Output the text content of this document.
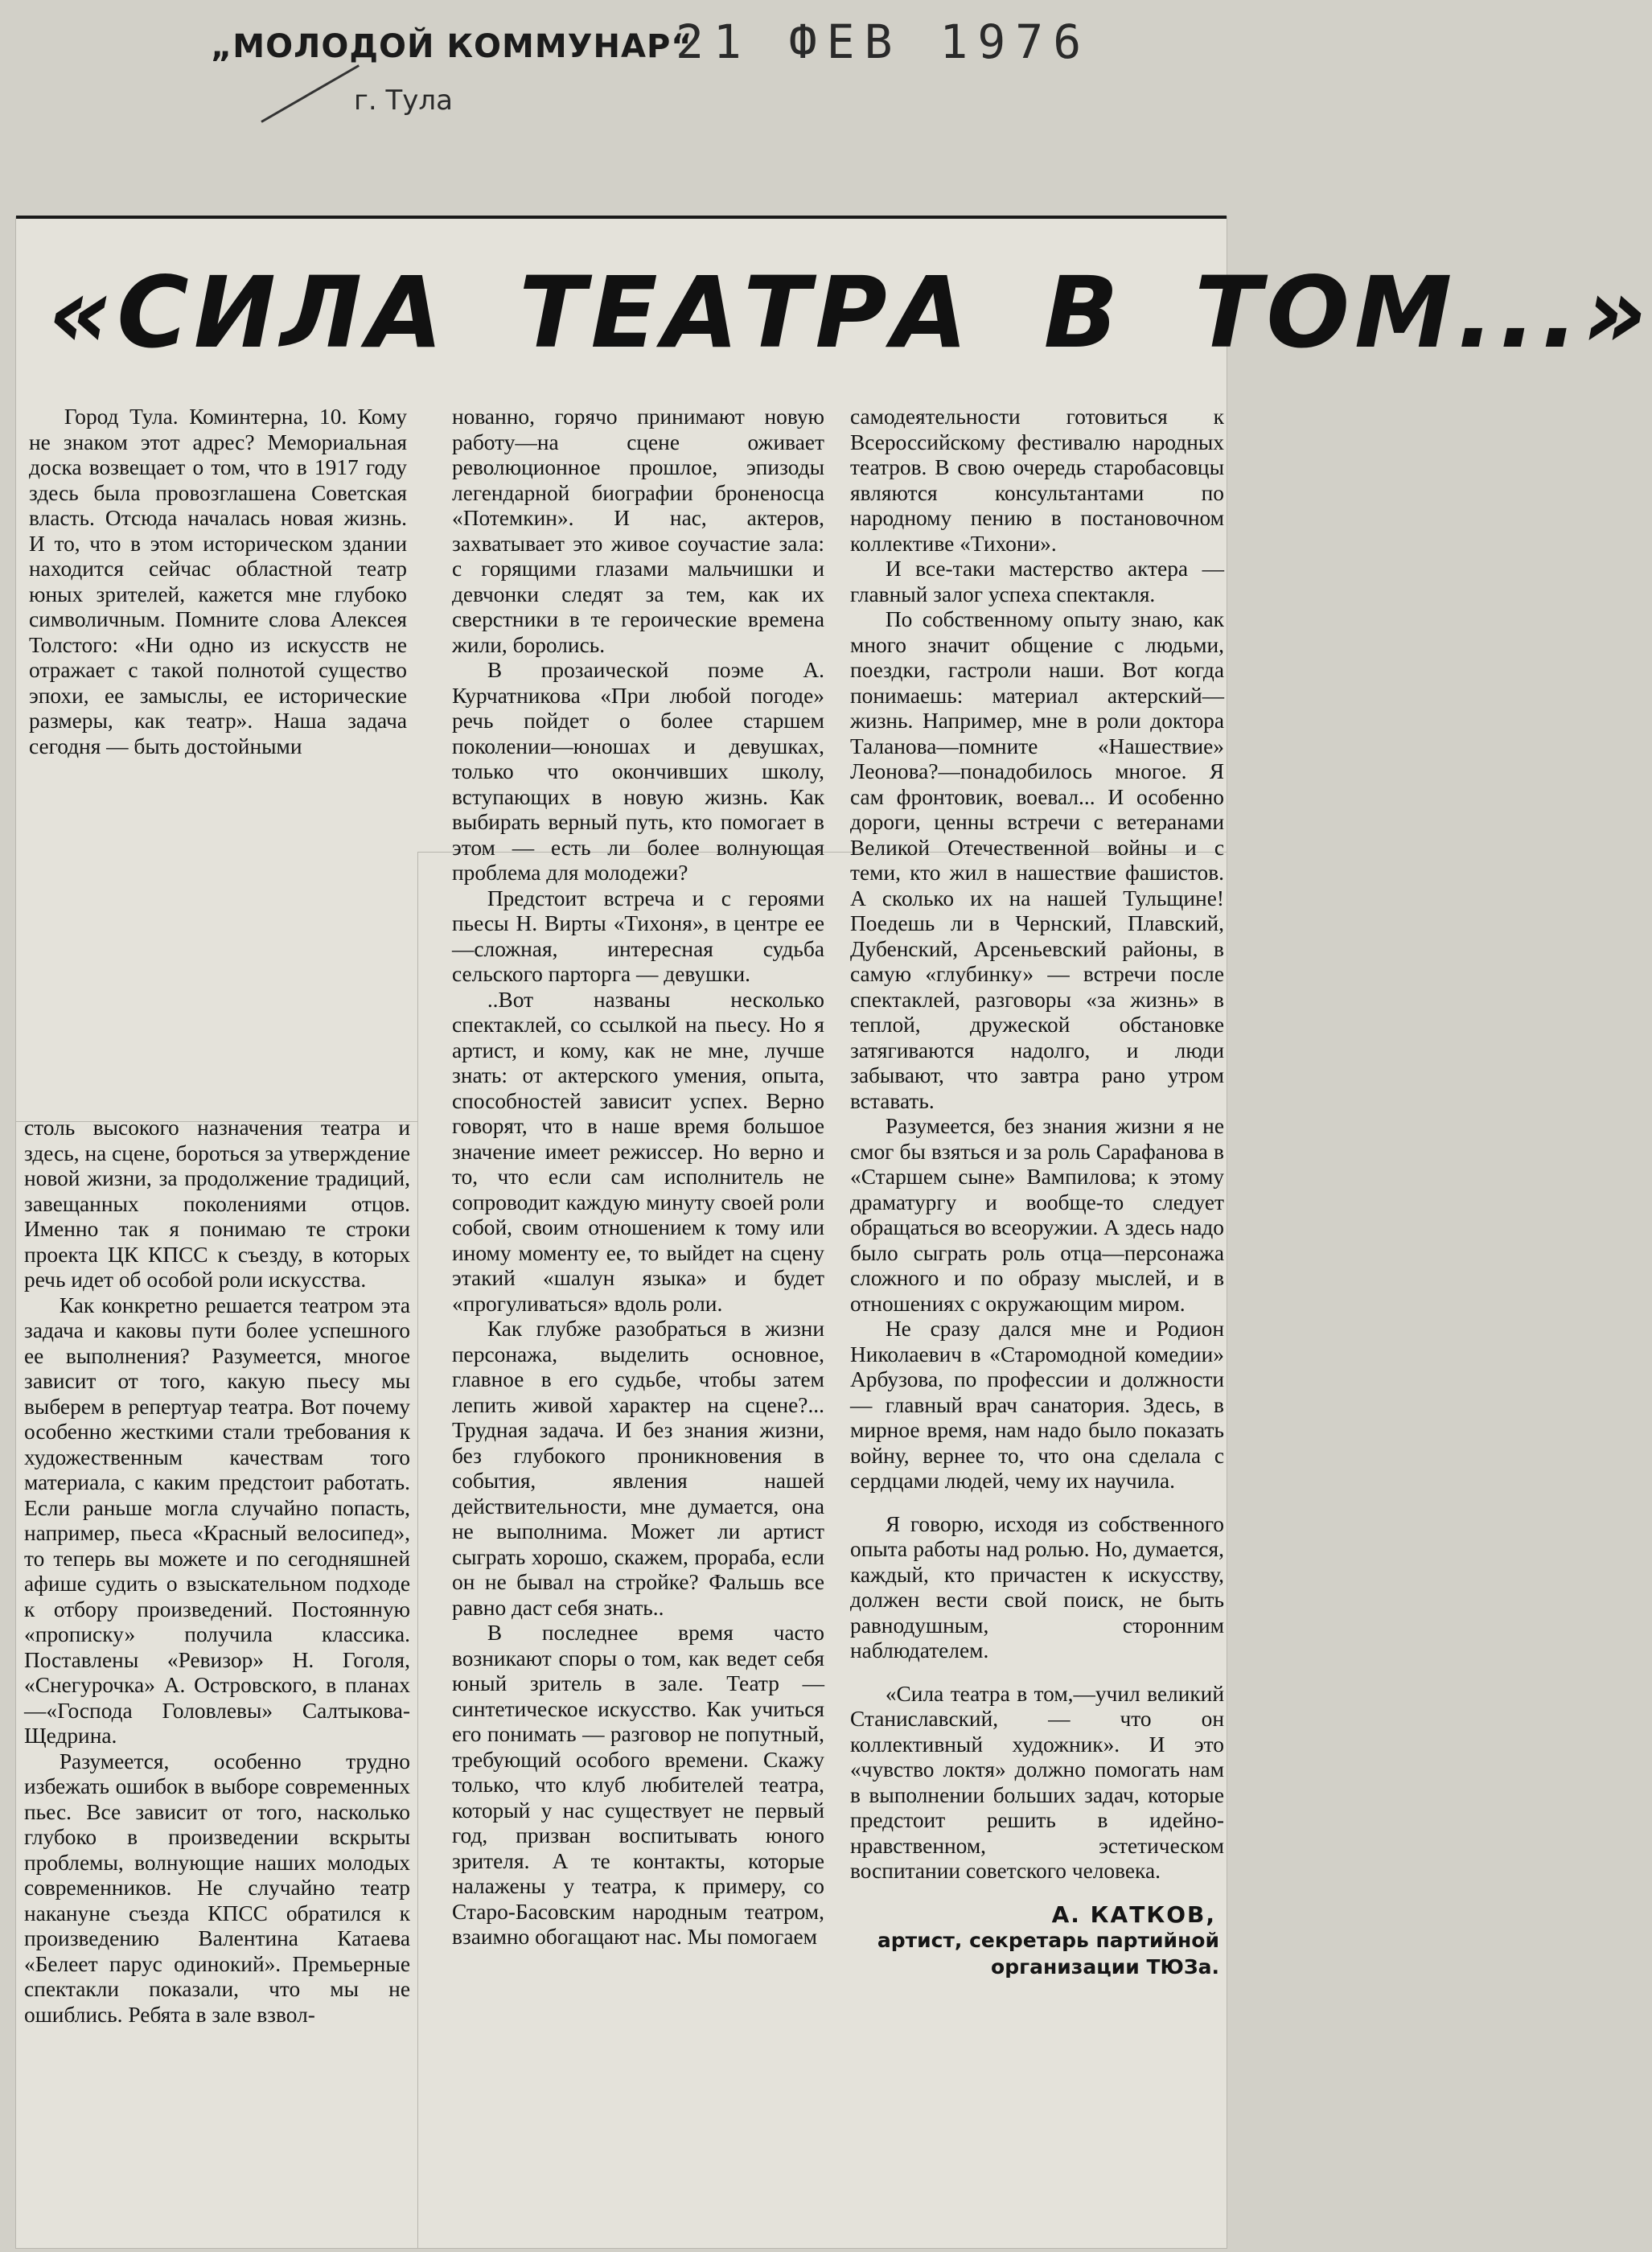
„МОЛОДОЙ КОММУНАР“
21 ФЕВ 1976
г. Тула
«СИЛА ТЕАТРА В ТОМ...»

Город Тула. Коминтерна, 10. Кому не знаком этот адрес? Мемориальная доска возвещает о том, что в 1917 году здесь была провозглашена Советская власть. Отсюда началась новая жизнь. И то, что в этом историческом здании находится сейчас областной театр юных зрителей, кажется мне глубоко символичным. Помните слова Алексея Толстого: «Ни одно из искусств не отражает с такой полнотой существо эпохи, ее замыслы, ее исторические размеры, как театр». Наша задача сегодня — быть достойными

столь высокого назначения театра и здесь, на сцене, бороться за утверждение новой жизни, за продолжение традиций, завещанных поколениями отцов. Именно так я понимаю те строки проекта ЦК КПСС к съезду, в которых речь идет об особой роли искусства.

Как конкретно решается театром эта задача и каковы пути более успешного ее выполнения? Разумеется, многое зависит от того, какую пьесу мы выберем в репертуар театра. Вот почему особенно жесткими стали требования к художественным качествам того материала, с каким предстоит работать. Если раньше могла случайно попасть, например, пьеса «Красный велосипед», то теперь вы можете и по сегодняшней афише судить о взыскательном подходе к отбору произведений. Постоянную «прописку» получила классика. Поставлены «Ревизор» Н. Гоголя, «Снегурочка» А. Островского, в планах—«Господа Головлевы» Салтыкова-Щедрина.

Разумеется, особенно трудно избежать ошибок в выборе современных пьес. Все зависит от того, насколько глубоко в произведении вскрыты проблемы, волнующие наших молодых современников. Не случайно театр накануне съезда КПСС обратился к произведению Валентина Катаева «Белеет парус одинокий». Премьерные спектакли показали, что мы не ошиблись. Ребята в зале взвол-

нованно, горячо принимают новую работу—на сцене оживает революционное прошлое, эпизоды легендарной биографии броненосца «Потемкин». И нас, актеров, захватывает это живое соучастие зала: с горящими глазами мальчишки и девчонки следят за тем, как их сверстники в те героические времена жили, боролись.

В прозаической поэме А. Курчатникова «При любой погоде» речь пойдет о более старшем поколении—юношах и девушках, только что окончивших школу, вступающих в новую жизнь. Как выбирать верный путь, кто помогает в этом — есть ли более волнующая проблема для молодежи?

Предстоит встреча и с героями пьесы Н. Вирты «Тихоня», в центре ее—сложная, интересная судьба сельского парторга — девушки.

..Вот названы несколько спектаклей, со ссылкой на пьесу. Но я артист, и кому, как не мне, лучше знать: от актерского умения, опыта, способностей зависит успех. Верно говорят, что в наше время большое значение имеет режиссер. Но верно и то, что если сам исполнитель не сопроводит каждую минуту своей роли собой, своим отношением к тому или иному моменту ее, то выйдет на сцену этакий «шалун языка» и будет «прогуливаться» вдоль роли.

Как глубже разобраться в жизни персонажа, выделить основное, главное в его судьбе, чтобы затем лепить живой характер на сцене?... Трудная задача. И без знания жизни, без глубокого проникновения в события, явления нашей действительности, мне думается, она не выполнима. Может ли артист сыграть хорошо, скажем, прораба, если он не бывал на стройке? Фальшь все равно даст себя знать..

В последнее время часто возникают споры о том, как ведет себя юный зритель в зале. Театр — синтетическое искусство. Как учиться его понимать — разговор не попутный, требующий особого времени. Скажу только, что клуб любителей театра, который у нас существует не первый год, призван воспитывать юного зрителя. А те контакты, которые налажены у театра, к примеру, со Старо-Басовским народным театром, взаимно обогащают нас. Мы помогаем

самодеятельности готовиться к Всероссийскому фестивалю народных театров. В свою очередь старобасовцы являются консультантами по народному пению в постановочном коллективе «Тихони».

И все-таки мастерство актера — главный залог успеха спектакля.

По собственному опыту знаю, как много значит общение с людьми, поездки, гастроли наши. Вот когда понимаешь: материал актерский—жизнь. Например, мне в роли доктора Таланова—помните «Нашествие» Леонова?—понадобилось многое. Я сам фронтовик, воевал... И особенно дороги, ценны встречи с ветеранами Великой Отечественной войны и с теми, кто жил в нашествие фашистов. А сколько их на нашей Тульщине! Поедешь ли в Чернский, Плавский, Дубенский, Арсеньевский районы, в самую «глубинку» — встречи после спектаклей, разговоры «за жизнь» в теплой, дружеской обстановке затягиваются надолго, и люди забывают, что завтра рано утром вставать.

Разумеется, без знания жизни я не смог бы взяться и за роль Сарафанова в «Старшем сыне» Вампилова; к этому драматургу и вообще-то следует обращаться во всеоружии. А здесь надо было сыграть роль отца—персонажа сложного и по образу мыслей, и в отношениях с окружающим миром.

Не сразу дался мне и Родион Николаевич в «Старомодной комедии» Арбузова, по профессии и должности — главный врач санатория. Здесь, в мирное время, нам надо было показать войну, вернее то, что она сделала с сердцами людей, чему их научила.

Я говорю, исходя из собственного опыта работы над ролью. Но, думается, каждый, кто причастен к искусству, должен вести свой поиск, не быть равнодушным, сторонним наблюдателем.

«Сила театра в том,—учил великий Станиславский, — что он коллективный художник». И это «чувство локтя» должно помогать нам в выполнении больших задач, которые предстоит решить в идейно-нравственном, эстетическом воспитании советского человека.

А. КАТКОВ,
артист, секретарь партийной
организации ТЮЗа.
